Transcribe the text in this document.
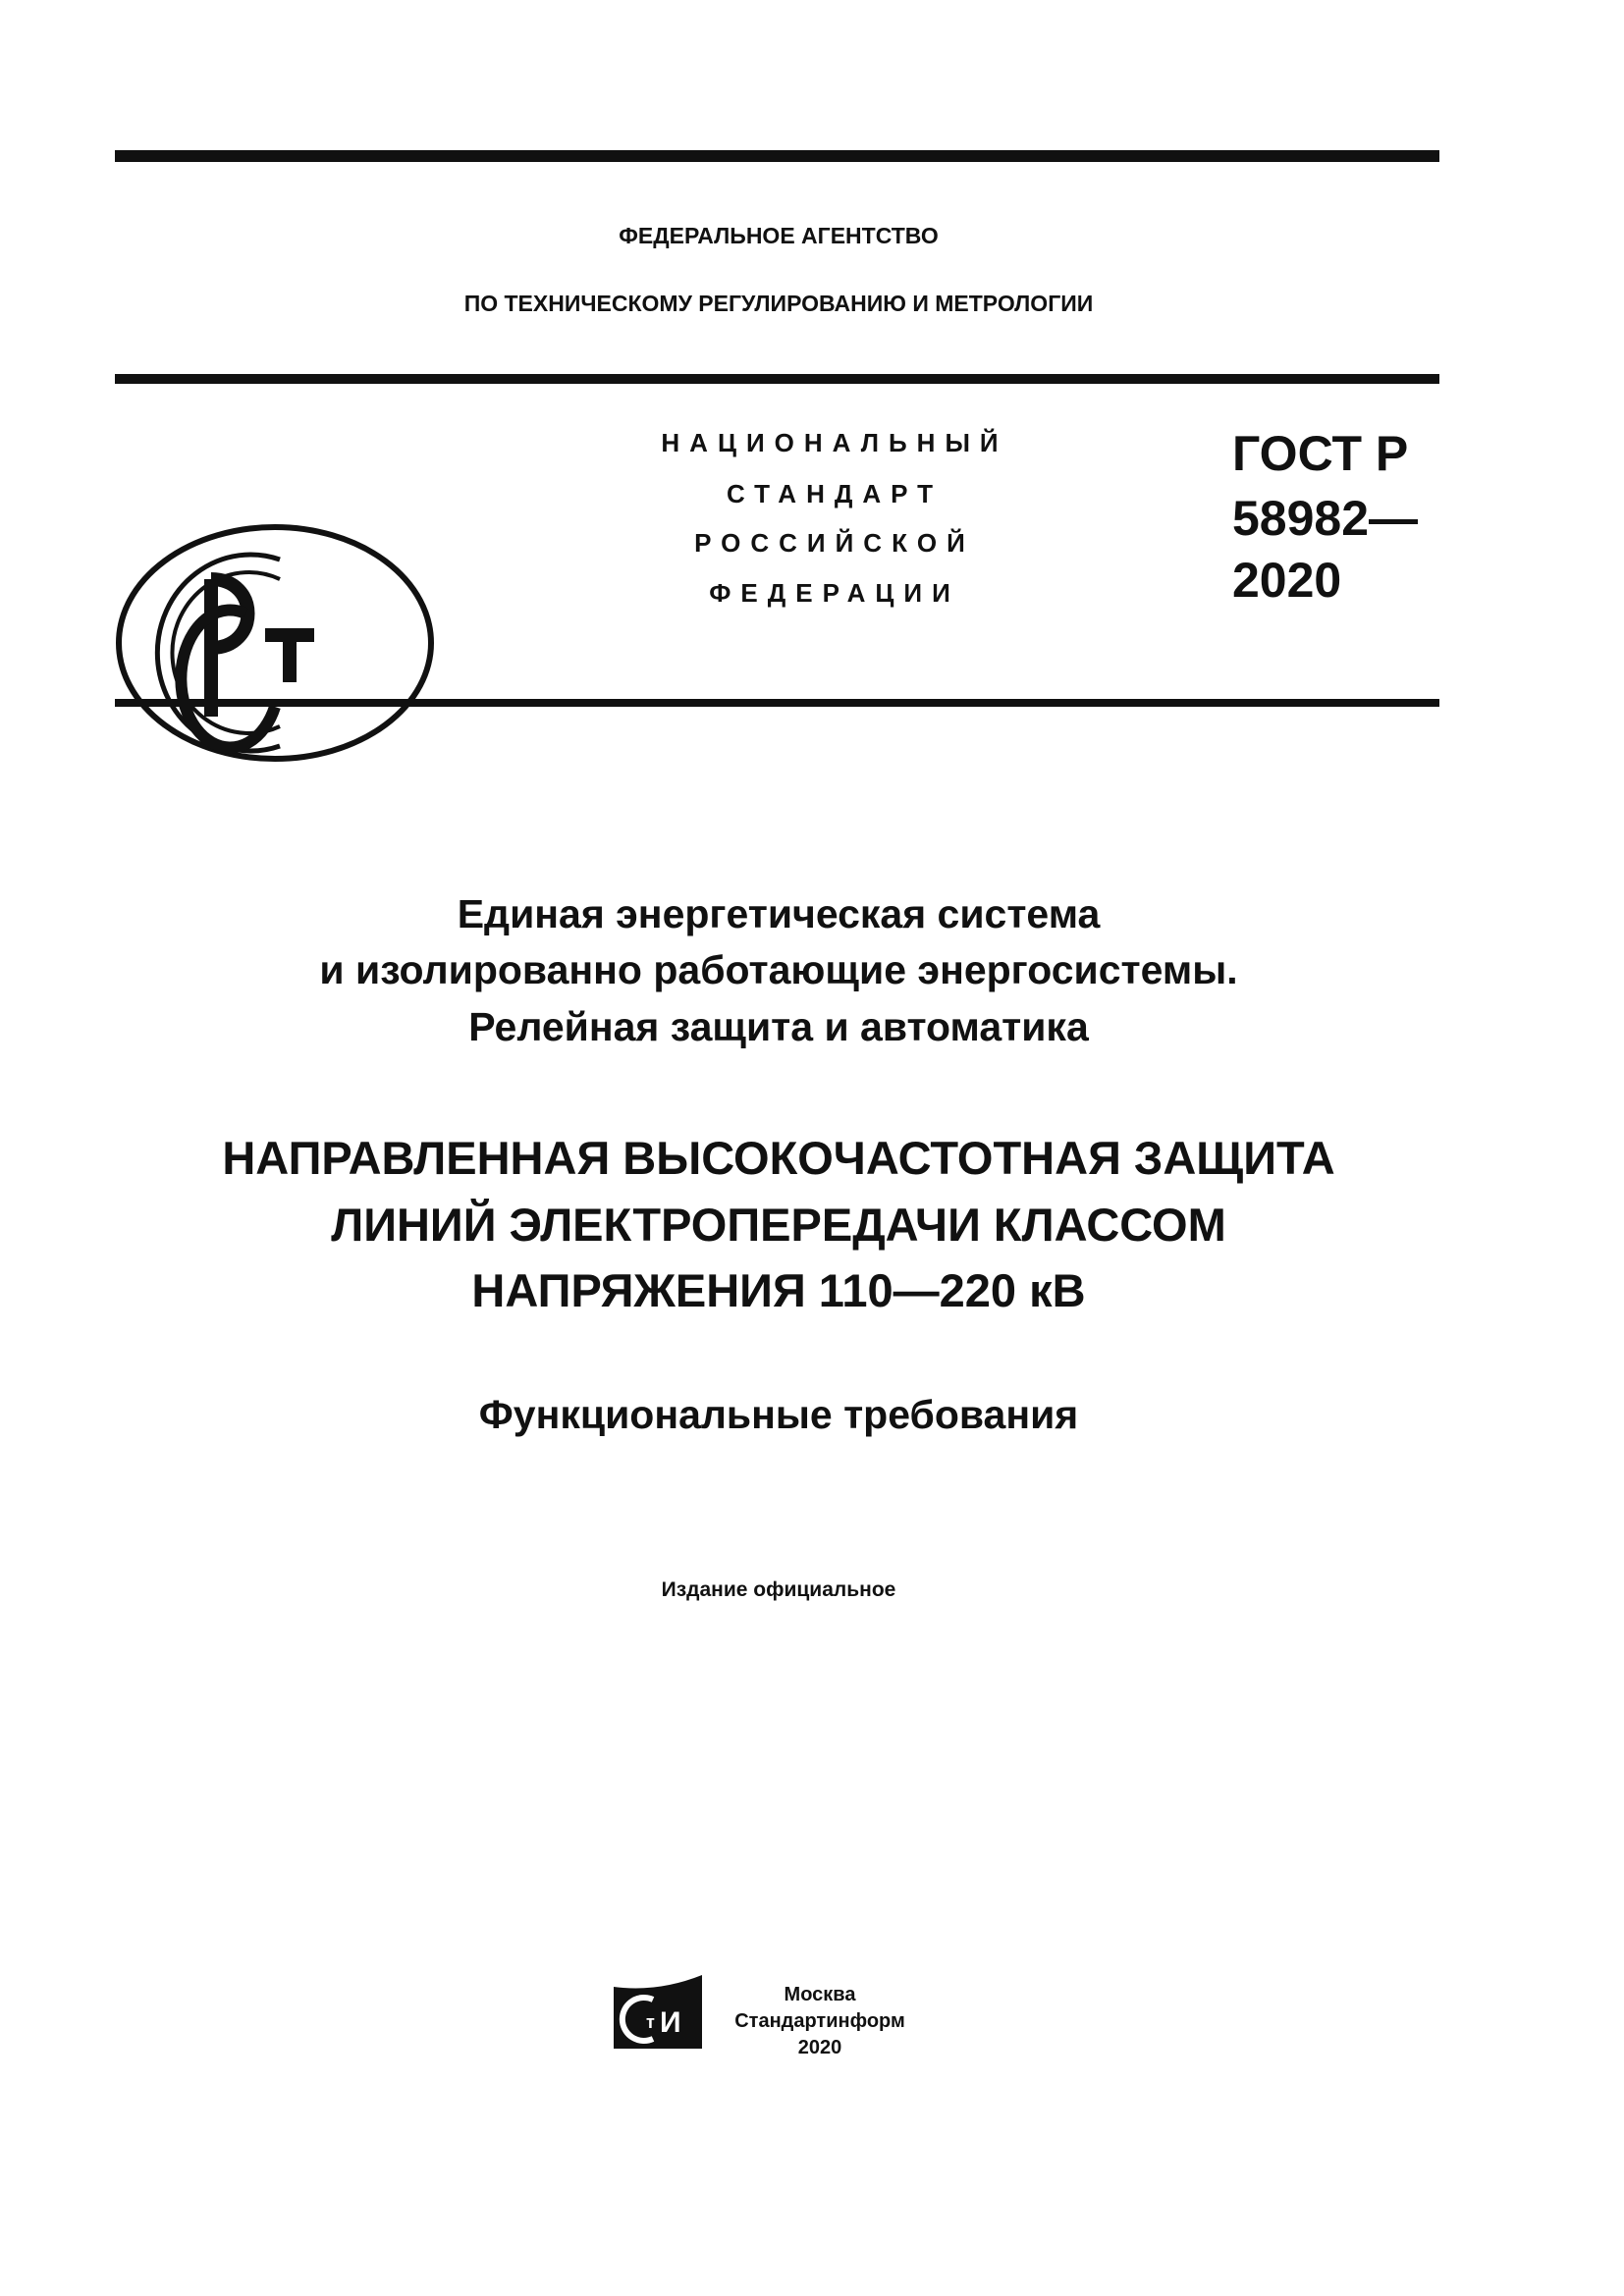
ФЕДЕРАЛЬНОЕ АГЕНТСТВО
ПО ТЕХНИЧЕСКОМУ РЕГУЛИРОВАНИЮ И МЕТРОЛОГИИ
НАЦИОНАЛЬНЫЙ
СТАНДАРТ
РОССИЙСКОЙ
ФЕДЕРАЦИИ
ГОСТ Р
58982—
2020
Единая энергетическая система
и изолированно работающие энергосистемы.
Релейная защита и автоматика
НАПРАВЛЕННАЯ ВЫСОКОЧАСТОТНАЯ ЗАЩИТА
ЛИНИЙ ЭЛЕКТРОПЕРЕДАЧИ КЛАССОМ
НАПРЯЖЕНИЯ 110—220 кВ
Функциональные требования
Издание официальное
т И
Москва
Стандартинформ
2020
